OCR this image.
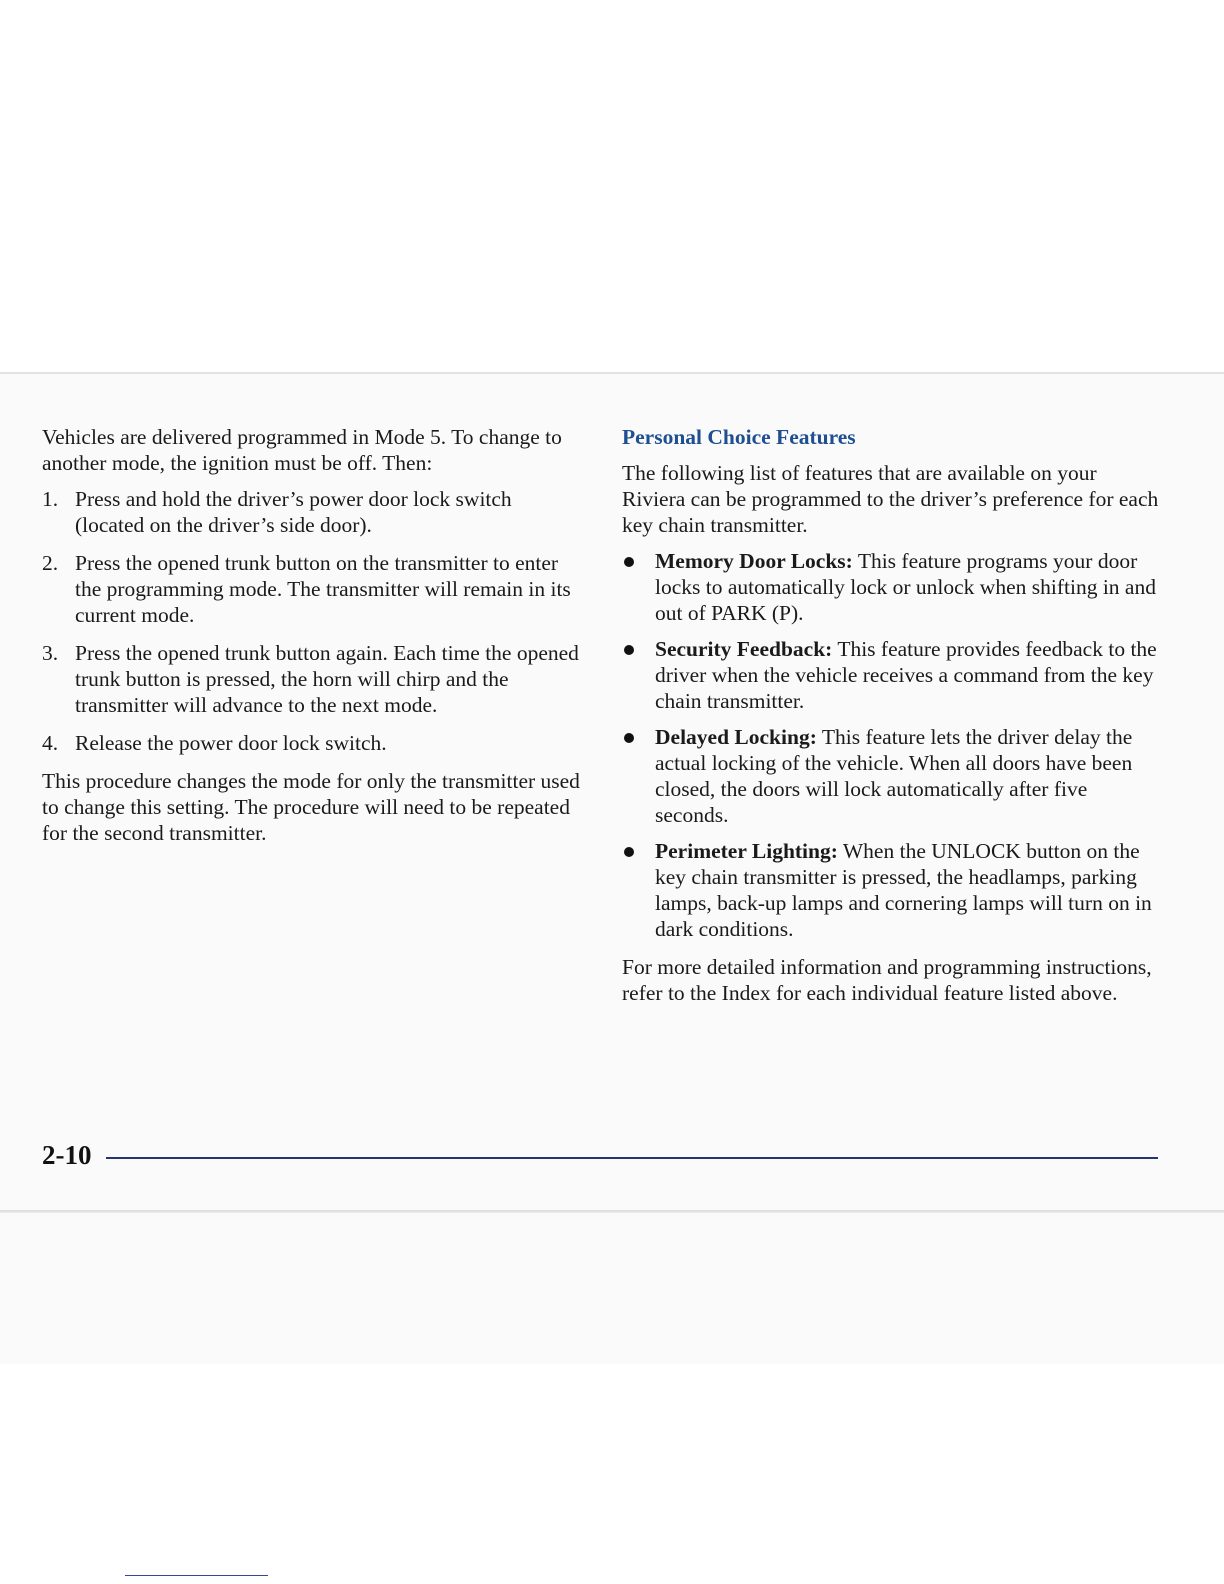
Vehicles are delivered programmed in Mode 5. To change to another mode, the ignition must be off. Then:

1. Press and hold the driver’s power door lock switch (located on the driver’s side door).
2. Press the opened trunk button on the transmitter to enter the programming mode. The transmitter will remain in its current mode.
3. Press the opened trunk button again. Each time the opened trunk button is pressed, the horn will chirp and the transmitter will advance to the next mode.
4. Release the power door lock switch.

This procedure changes the mode for only the transmitter used to change this setting. The procedure will need to be repeated for the second transmitter.

Personal Choice Features

The following list of features that are available on your Riviera can be programmed to the driver’s preference for each key chain transmitter.

Memory Door Locks: This feature programs your door locks to automatically lock or unlock when shifting in and out of PARK (P).
Security Feedback: This feature provides feedback to the driver when the vehicle receives a command from the key chain transmitter.
Delayed Locking: This feature lets the driver delay the actual locking of the vehicle. When all doors have been closed, the doors will lock automatically after five seconds.
Perimeter Lighting: When the UNLOCK button on the key chain transmitter is pressed, the headlamps, parking lamps, back-up lamps and cornering lamps will turn on in dark conditions.

For more detailed information and programming instructions, refer to the Index for each individual feature listed above.

2-10
